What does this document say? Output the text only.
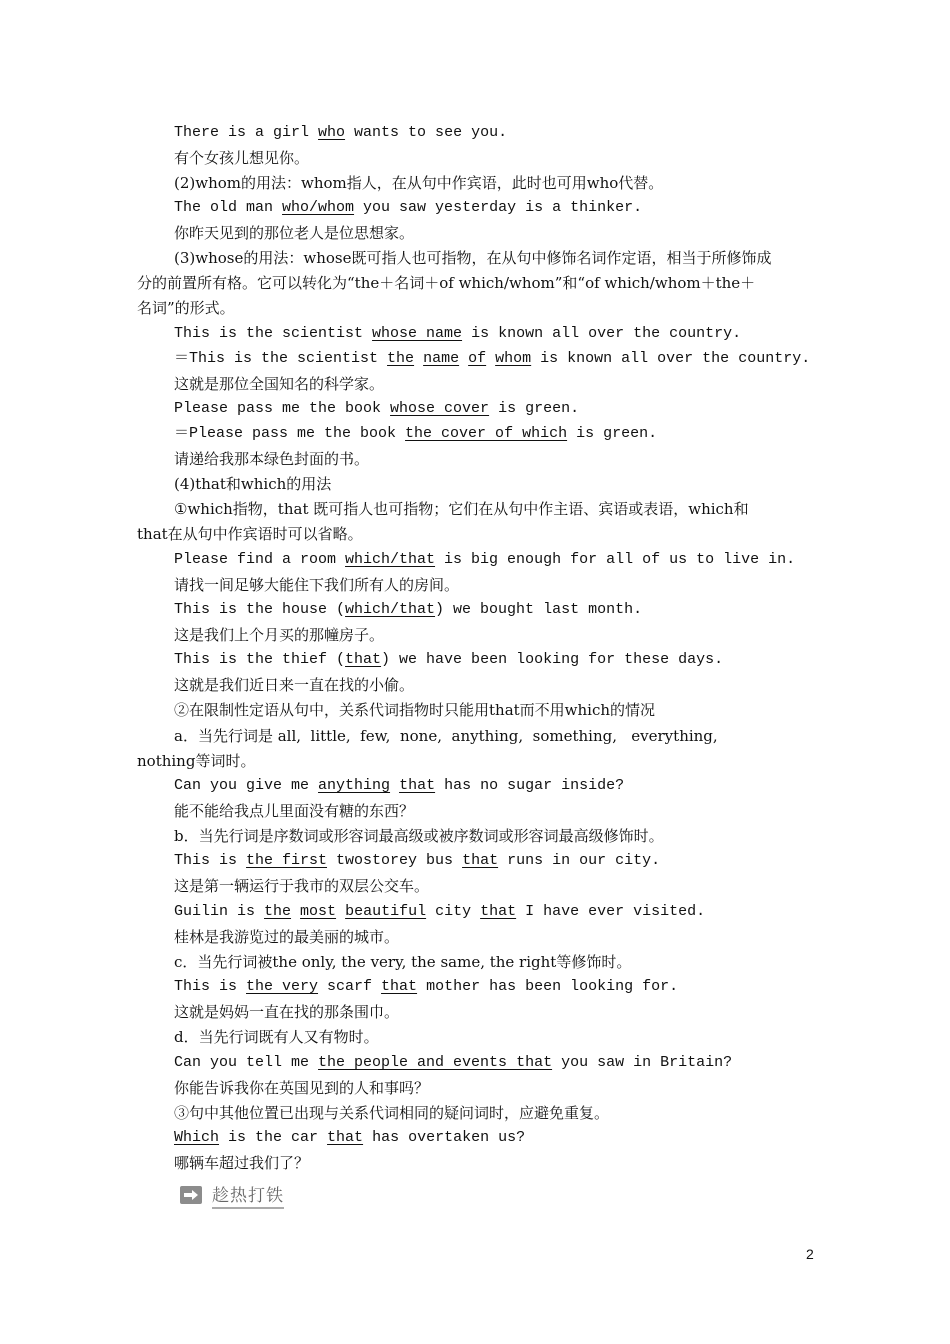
There is a girl who wants to see you.
有个女孩儿想见你。
(2)whom的用法：whom指人，在从句中作宾语，此时也可用who代替。
The old man who/whom you saw yesterday is a thinker.
你昨天见到的那位老人是位思想家。
(3)whose的用法：whose既可指人也可指物，在从句中修饰名词作定语，相当于所修饰成
分的前置所有格。它可以转化为“the＋名词＋of which/whom”和“of which/whom＋the＋
名词”的形式。
This is the scientist whose name is known all over the country.
＝This is the scientist the name of whom is known all over the country.
这就是那位全国知名的科学家。
Please pass me the book whose cover is green.
＝Please pass me the book the cover of which is green.
请递给我那本绿色封面的书。
(4)that和which的用法
①which指物，that 既可指人也可指物；它们在从句中作主语、宾语或表语，which和
that在从句中作宾语时可以省略。
Please find a room which/that is big enough for all of us to live in.
请找一间足够大能住下我们所有人的房间。
This is the house (which/that) we bought last month.
这是我们上个月买的那幢房子。
This is the thief (that) we have been looking for these days.
这就是我们近日来一直在找的小偷。
②在限制性定语从句中，关系代词指物时只能用that而不用which的情况
a．当先行词是 all,  little,  few,  none,  anything,  something,   everything,
nothing等词时。
Can you give me anything that has no sugar inside?
能不能给我点儿里面没有糖的东西？
b．当先行词是序数词或形容词最高级或被序数词或形容词最高级修饰时。
This is the first twostorey bus that runs in our city.
这是第一辆运行于我市的双层公交车。
Guilin is the most beautiful city that I have ever visited.
桂林是我游览过的最美丽的城市。
c．当先行词被the only, the very, the same, the right等修饰时。
This is the very scarf that mother has been looking for.
这就是妈妈一直在找的那条围巾。
d．当先行词既有人又有物时。
Can you tell me the people and events that you saw in Britain?
你能告诉我你在英国见到的人和事吗？
③句中其他位置已出现与关系代词相同的疑问词时，应避免重复。
Which is the car that has overtaken us?
哪辆车超过我们了？
趁热打铁
2
